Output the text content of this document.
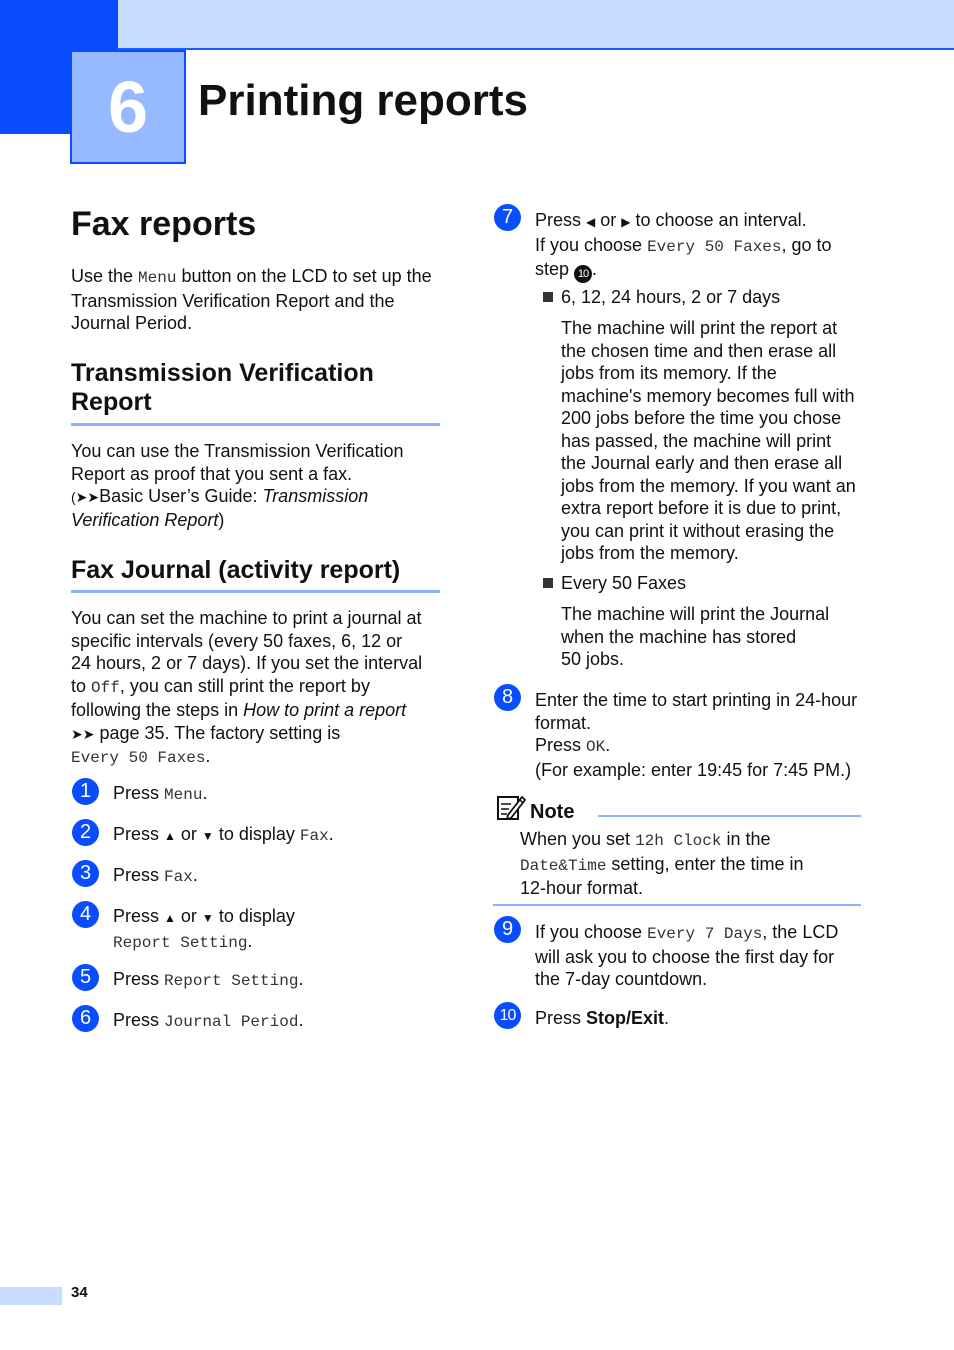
6	Printing reports
Fax reports

Use the Menu button on the LCD to set up the Transmission Verification Report and the Journal Period.

Transmission Verification
Report

You can use the Transmission Verification
Report as proof that you sent a fax.
(➤➤Basic User’s Guide: Transmission
Verification Report)

Fax Journal (activity report)

You can set the machine to print a journal at
specific intervals (every 50 faxes, 6, 12 or
24 hours, 2 or 7 days). If you set the interval
to Off, you can still print the report by
following the steps in How to print a report
➤➤ page 35. The factory setting is
Every 50 Faxes.

1	Press Menu.
2	Press ▲ or ▼ to display Fax.
3	Press Fax.
4	Press ▲ or ▼ to display
Report Setting.
5	Press Report Setting.
6	Press Journal Period.
7	Press ◀ or ▶ to choose an interval.
If you choose Every 50 Faxes, go to
step 10 .
6, 12, 24 hours, 2 or 7 days
The machine will print the report at
the chosen time and then erase all
jobs from its memory. If the
machine's memory becomes full with
200 jobs before the time you chose
has passed, the machine will print
the Journal early and then erase all
jobs from the memory. If you want an
extra report before it is due to print,
you can print it without erasing the
jobs from the memory.
Every 50 Faxes
The machine will print the Journal
when the machine has stored
50 jobs.
8	Enter the time to start printing in 24-hour
format.
Press OK.
(For example: enter 19:45 for 7:45 PM.)
Note
When you set 12h Clock in the
Date&Time setting, enter the time in
12-hour format.
9	If you choose Every 7 Days, the LCD
will ask you to choose the first day for
the 7-day countdown.
10	Press Stop/Exit.
34
